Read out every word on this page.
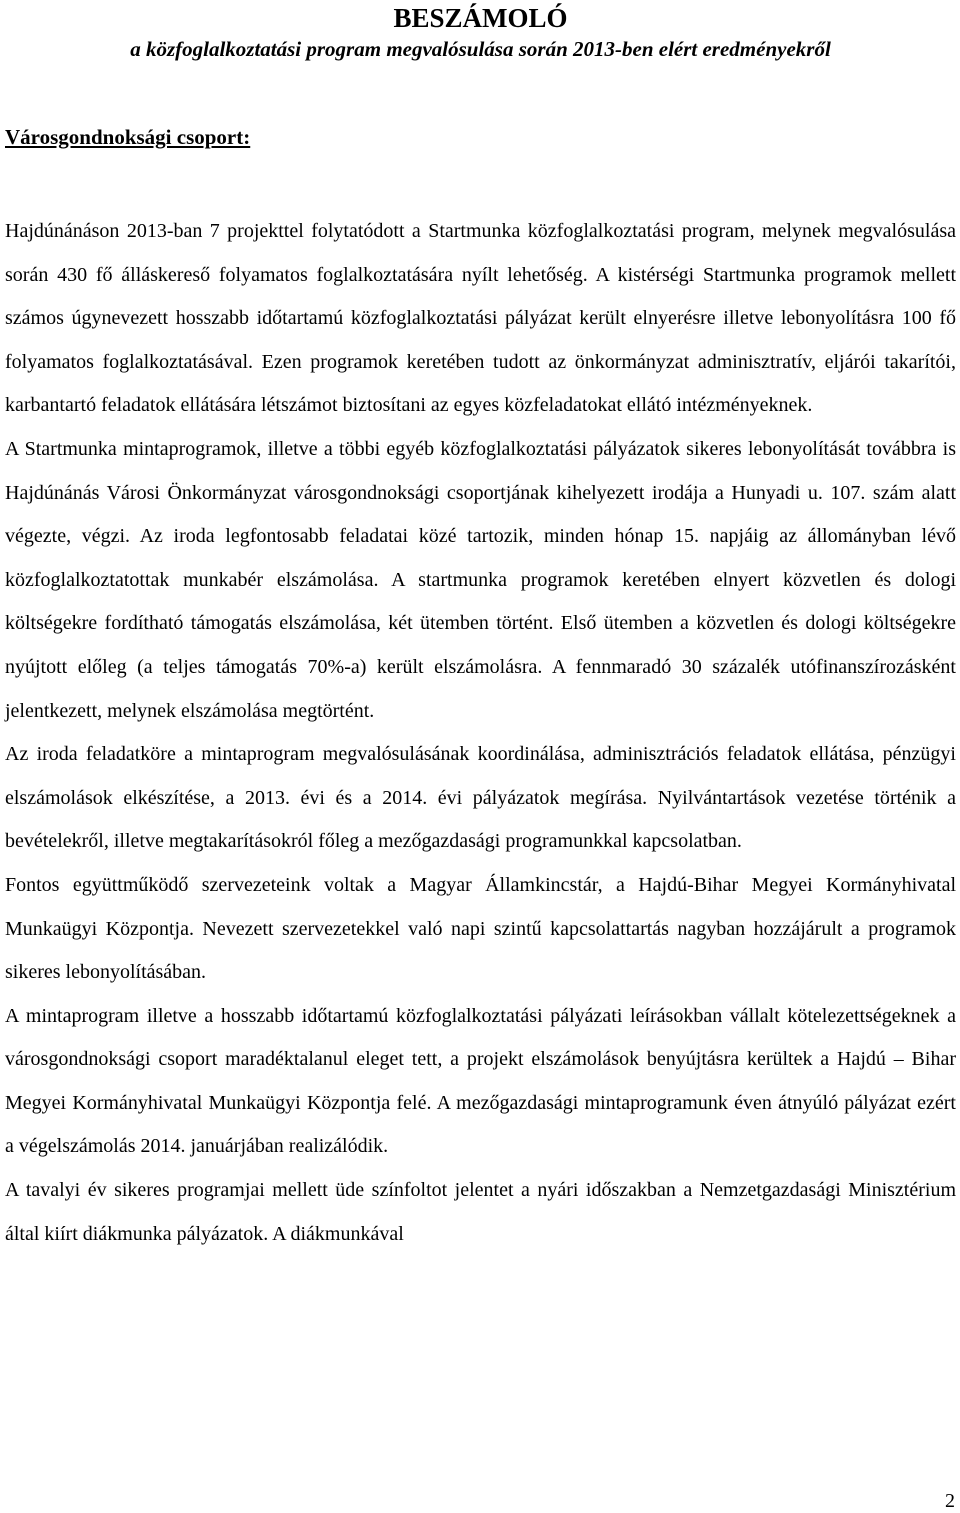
BESZÁMOLÓ
a közfoglalkoztatási program megvalósulása során 2013-ben elért eredményekről
Városgondnoksági csoport:

Hajdúnánáson 2013-ban 7 projekttel folytatódott a Startmunka közfoglalkoztatási program, melynek megvalósulása során 430 fő álláskereső folyamatos foglalkoztatására nyílt lehetőség. A kistérségi Startmunka programok mellett számos úgynevezett hosszabb időtartamú közfoglalkoztatási pályázat került elnyerésre illetve lebonyolításra 100 fő folyamatos foglalkoztatásával. Ezen programok keretében tudott az önkormányzat adminisztratív, eljárói takarítói, karbantartó feladatok ellátására létszámot biztosítani az egyes közfeladatokat ellátó intézményeknek.

A Startmunka mintaprogramok, illetve a többi egyéb közfoglalkoztatási pályázatok sikeres lebonyolítását továbbra is Hajdúnánás Városi Önkormányzat városgondnoksági csoportjának kihelyezett irodája a Hunyadi u. 107. szám alatt végezte, végzi. Az iroda legfontosabb feladatai közé tartozik, minden hónap 15. napjáig az állományban lévő közfoglalkoztatottak munkabér elszámolása. A startmunka programok keretében elnyert közvetlen és dologi költségekre fordítható támogatás elszámolása, két ütemben történt. Első ütemben a közvetlen és dologi költségekre nyújtott előleg (a teljes támogatás 70%-a) került elszámolásra. A fennmaradó 30 százalék utófinanszírozásként jelentkezett, melynek elszámolása megtörtént.

Az iroda feladatköre a mintaprogram megvalósulásának koordinálása, adminisztrációs feladatok ellátása, pénzügyi elszámolások elkészítése, a 2013. évi és a 2014. évi pályázatok megírása. Nyilvántartások vezetése történik a bevételekről, illetve megtakarításokról főleg a mezőgazdasági programunkkal kapcsolatban.

Fontos együttműködő szervezeteink voltak a Magyar Államkincstár, a Hajdú-Bihar Megyei Kormányhivatal Munkaügyi Központja. Nevezett szervezetekkel való napi szintű kapcsolattartás nagyban hozzájárult a programok sikeres lebonyolításában.

A mintaprogram illetve a hosszabb időtartamú közfoglalkoztatási pályázati leírásokban vállalt kötelezettségeknek a városgondnoksági csoport maradéktalanul eleget tett, a projekt elszámolások benyújtásra kerültek a Hajdú – Bihar Megyei Kormányhivatal Munkaügyi Központja felé. A mezőgazdasági mintaprogramunk éven átnyúló pályázat ezért a végelszámolás 2014. januárjában realizálódik.

A tavalyi év sikeres programjai mellett üde színfoltot jelentet a nyári időszakban a Nemzetgazdasági Minisztérium által kiírt diákmunka pályázatok. A diákmunkával

2
